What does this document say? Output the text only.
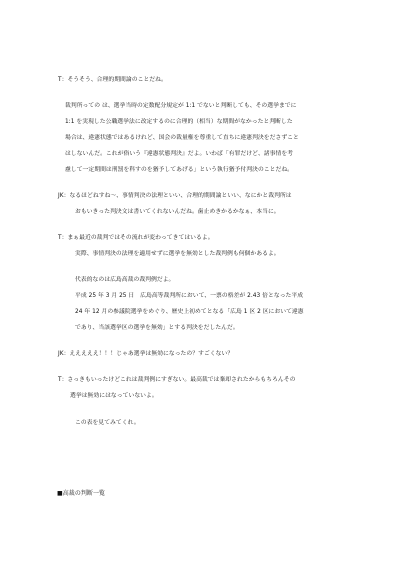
T：そうそう、合理的期間論のことだね。
裁判所っての は、選挙当時の定数配分規定が 1:1 でないと判断しても、その選挙までに
1:1 を実現した公職選挙法に改定するのに合理的（相当）な期間がなかったと判断した
場合は、違憲状態ではあるけれど、国会の裁量権を尊重して直ちに違憲判決をださずこと
はしないんだ。これが俗いう『違憲状態判決』だよ。いわば「有罪だけど、諸事情を考
慮して一定期間は刑罰を科すのを猶予してあげる」という執行猶予付判決のことだね。
JK：なるほどねすね〜、事情判決の法理といい、合理的期間論といい、なにかと裁判所は
おもいきった判決文は書いてくれないんだね。歯止めきかるかなぁ、本当に。
T：まぁ最近の裁判ではその流れが変わってきてはいるよ。
実際、事情判決の法理を適用せずに選挙を無効とした裁判例も何個かあるよ。
代表的なのは広島高裁の裁判例だよ。
平成 25 年 3 月 25 日　広島高等裁判所において、一票の格差が 2.43 倍となった平成
24 年 12 月の参議院選挙をめぐり、歴史上初めてとなる「広島 1 区 2 区において違憲
であり、当該選挙区の選挙を無効」とする判決をだしたんだ。
JK：えええええ！！！じゃあ選挙は無効になったの？すごくない？
T：さっきもいったけどこれは裁判例にすぎない。最高裁では棄却されたからもちろんその
選挙は無効にはなっていないよ。
この表を見てみてくれ。
■高裁の判断一覧
